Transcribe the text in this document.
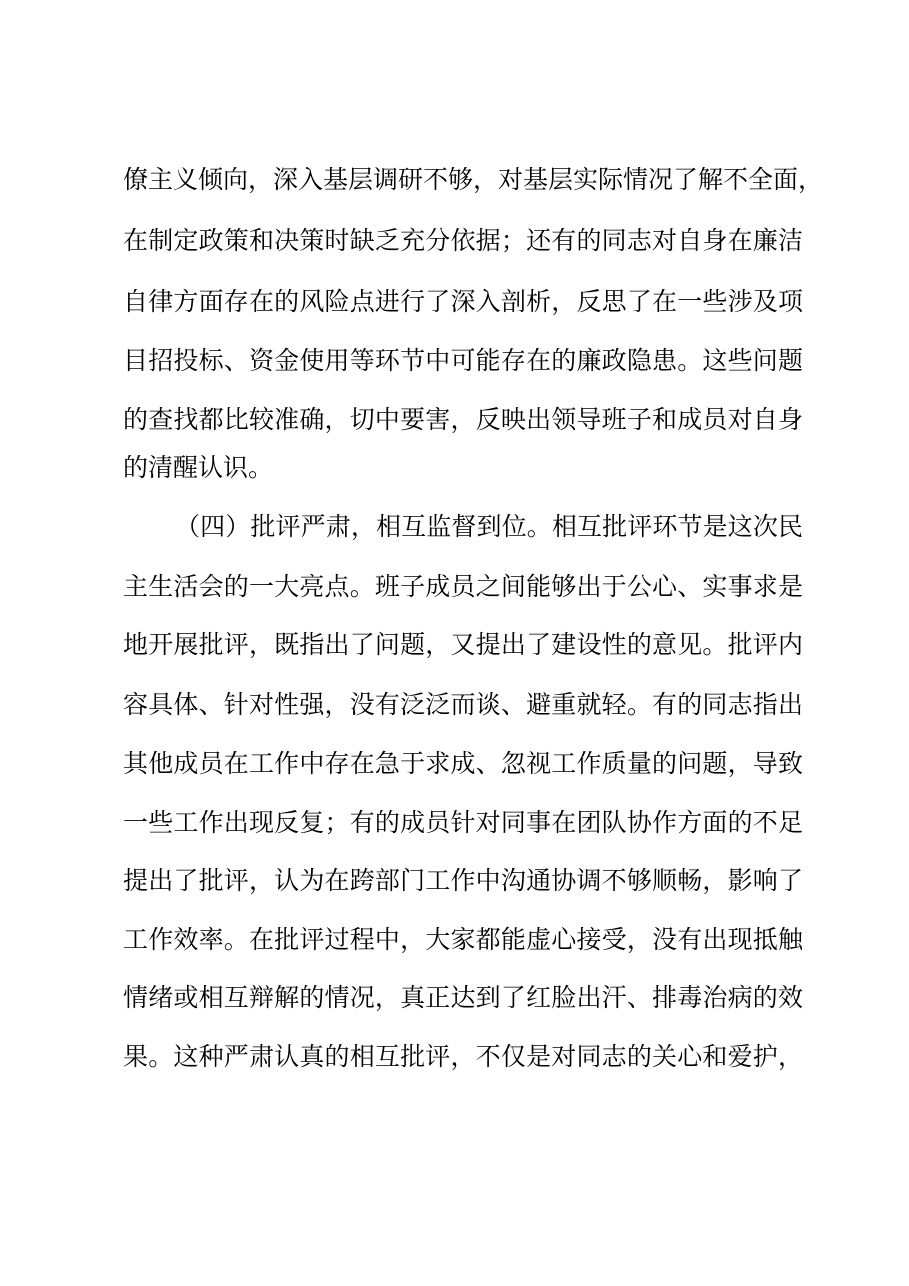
僚主义倾向，深入基层调研不够，对基层实际情况了解不全面，
在制定政策和决策时缺乏充分依据；还有的同志对自身在廉洁
自律方面存在的风险点进行了深入剖析，反思了在一些涉及项
目招投标、资金使用等环节中可能存在的廉政隐患。这些问题
的查找都比较准确，切中要害，反映出领导班子和成员对自身
的清醒认识。
（四）批评严肃，相互监督到位。相互批评环节是这次民
主生活会的一大亮点。班子成员之间能够出于公心、实事求是
地开展批评，既指出了问题，又提出了建设性的意见。批评内
容具体、针对性强，没有泛泛而谈、避重就轻。有的同志指出
其他成员在工作中存在急于求成、忽视工作质量的问题，导致
一些工作出现反复；有的成员针对同事在团队协作方面的不足
提出了批评，认为在跨部门工作中沟通协调不够顺畅，影响了
工作效率。在批评过程中，大家都能虚心接受，没有出现抵触
情绪或相互辩解的情况，真正达到了红脸出汗、排毒治病的效
果。这种严肃认真的相互批评，不仅是对同志的关心和爱护，
